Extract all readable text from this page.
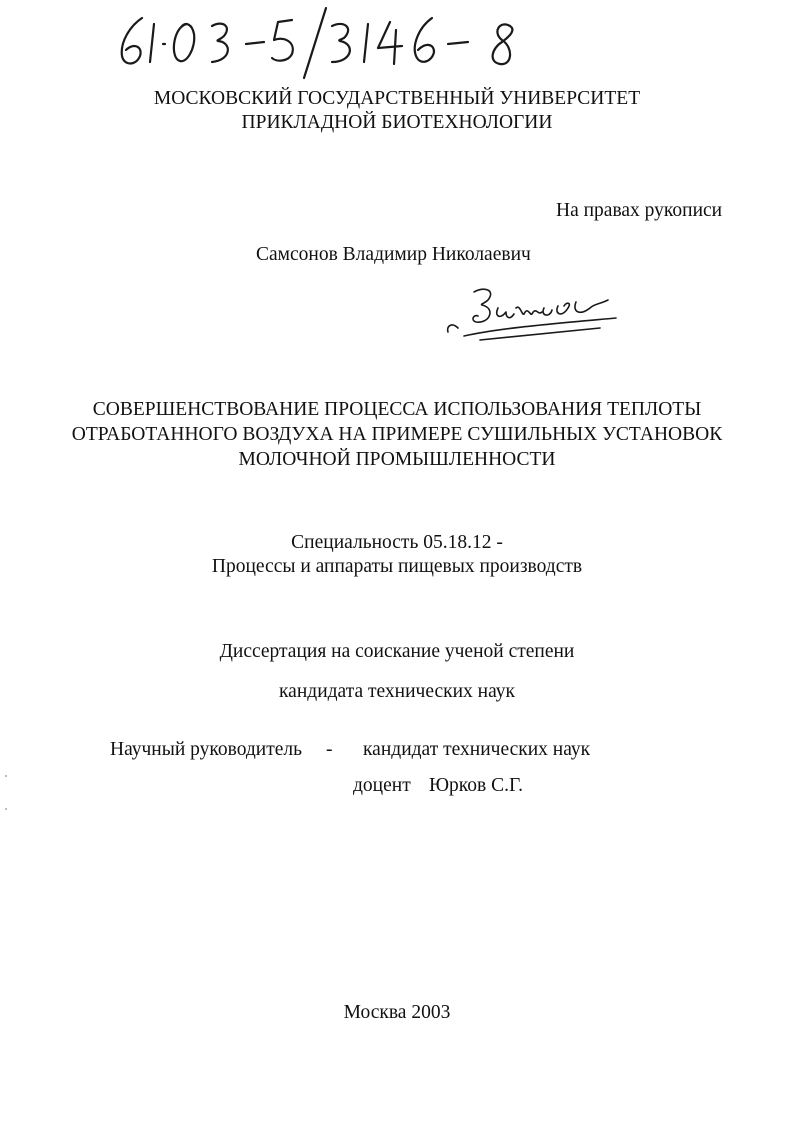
МОСКОВСКИЙ ГОСУДАРСТВЕННЫЙ УНИВЕРСИТЕТ
ПРИКЛАДНОЙ БИОТЕХНОЛОГИИ
На правах рукописи
Самсонов Владимир Николаевич
СОВЕРШЕНСТВОВАНИЕ ПРОЦЕССА ИСПОЛЬЗОВАНИЯ ТЕПЛОТЫ
ОТРАБОТАННОГО ВОЗДУХА НА ПРИМЕРЕ СУШИЛЬНЫХ УСТАНОВОК
МОЛОЧНОЙ ПРОМЫШЛЕННОСТИ
Специальность 05.18.12 -
Процессы и аппараты пищевых производств
Диссертация на соискание ученой степени
кандидата технических наук
Научный руководитель - кандидат технических наук
доцент Юрков С.Г.
Москва 2003
